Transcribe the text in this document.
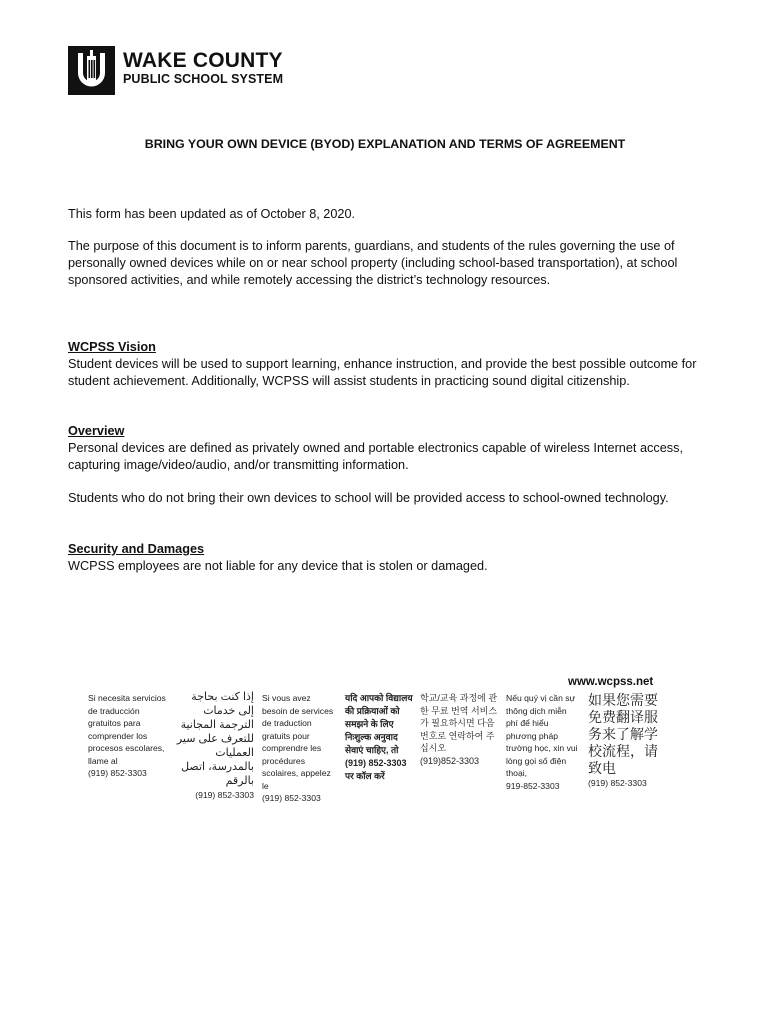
WAKE COUNTY
PUBLIC SCHOOL SYSTEM
BRING YOUR OWN DEVICE (BYOD) EXPLANATION AND TERMS OF AGREEMENT

This form has been updated as of October 8, 2020.

The purpose of this document is to inform parents, guardians, and students of the rules governing the use of personally owned devices while on or near school property (including school-based transportation), at school sponsored activities, and while remotely accessing the district’s technology resources.

WCPSS Vision
Student devices will be used to support learning, enhance instruction, and provide the best possible outcome for student achievement. Additionally, WCPSS will assist students in practicing sound digital citizenship.
Overview
Personal devices are defined as privately owned and portable electronics capable of wireless Internet access, capturing image/video/audio, and/or transmitting information.

Students who do not bring their own devices to school will be provided access to school-owned technology.

Security and Damages
WCPSS employees are not liable for any device that is stolen or damaged.
www.wcpss.net
Si necesita servicios de traducción gratuitos para comprender los procesos escolares, llame al
(919) 852-3303
إذا كنت بحاجة إلى خدمات الترجمة المجانية للتعرف على سير العمليات بالمدرسة، اتصل بالرقم
(919) 852-3303
Si vous avez besoin de services de traduction gratuits pour comprendre les procédures scolaires, appelez le
(919) 852-3303
यदि आपको विद्यालय की प्रक्रियाओं को समझने के लिए निःशुल्क अनुवाद सेवाएं चाहिए, तो
(919) 852-3303 पर कॉल करें
학교/교육 과정에 관한 무료 번역 서비스가 필요하시면 다음 번호로 연락하여 주십시오
(919)852-3303
Nếu quý vị cần sự thông dịch miễn phí để hiểu phương pháp trường học, xin vui lòng gọi số điện thoại,
919-852-3303
如果您需要免费翻译服务来了解学校流程，请致电
(919) 852-3303
